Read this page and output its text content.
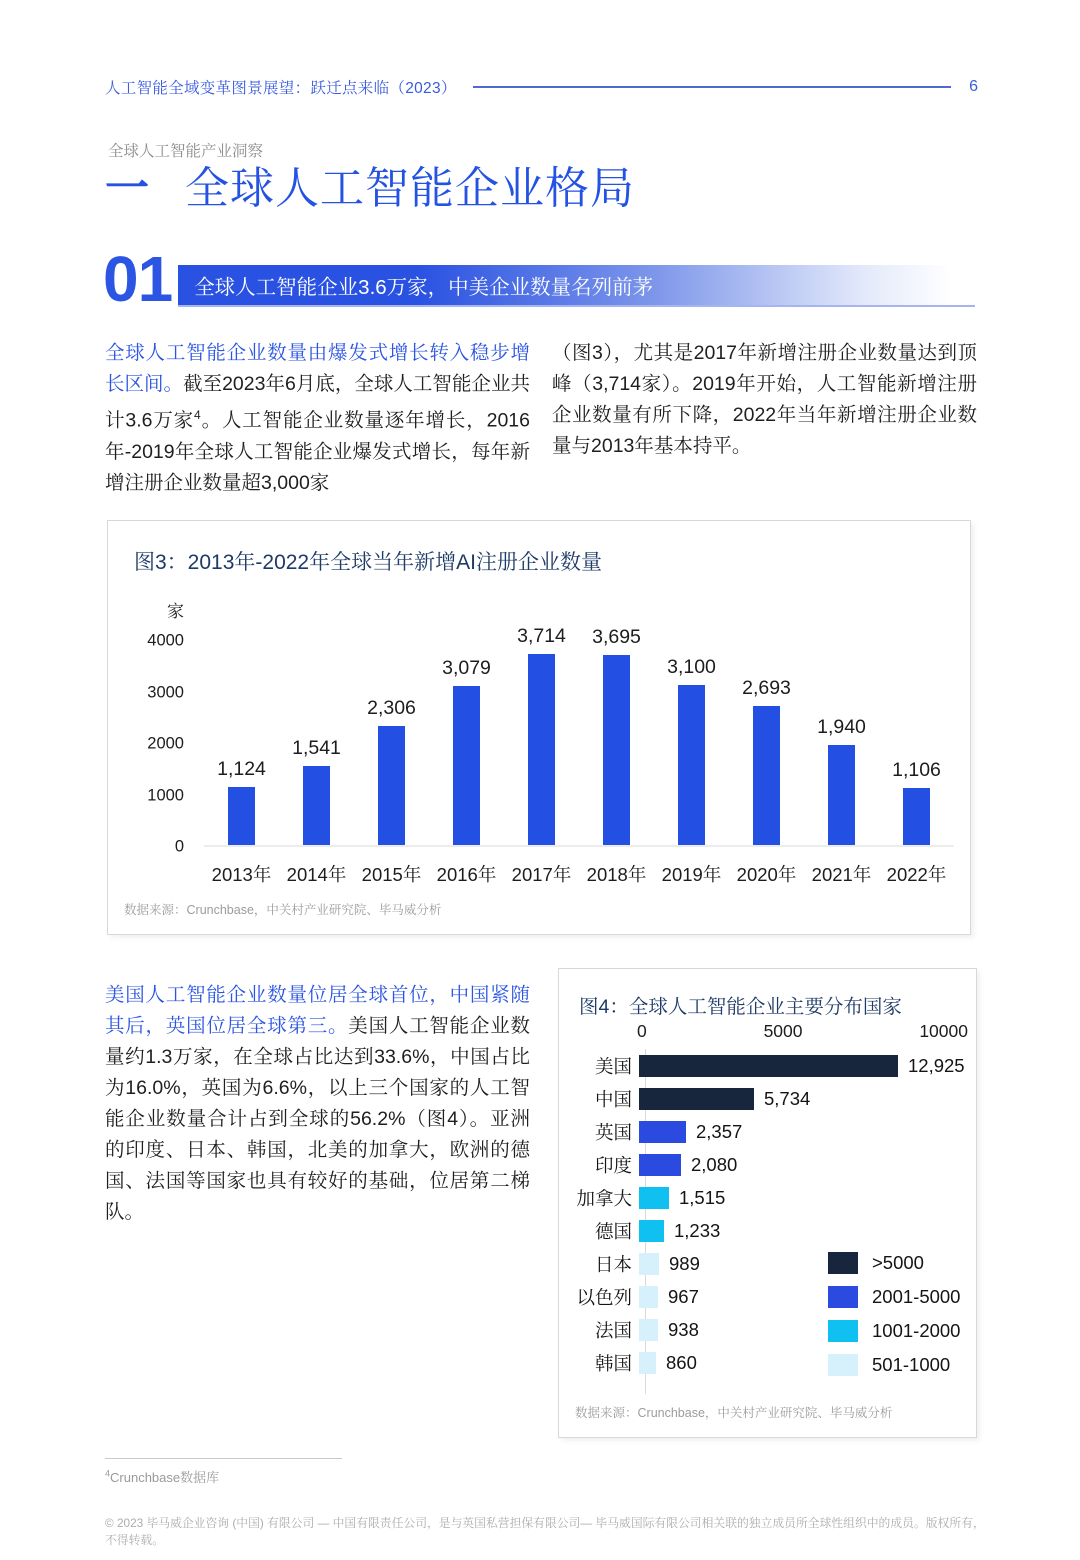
人工智能全域变革图景展望：跃迁点来临（2023）	6
全球人工智能产业洞察
一 全球人工智能企业格局
01	全球人工智能企业3.6万家，中美企业数量名列前茅

全球人工智能企业数量由爆发式增长转入稳步增长区间。截至2023年6月底，全球人工智能企业共计3.6万家$^4$。人工智能企业数量逐年增长，2016年-2019年全球人工智能企业爆发式增长，每年新增注册企业数量超3,000家

（图3），尤其是2017年新增注册企业数量达到顶峰（3,714家）。2019年开始，人工智能新增注册企业数量有所下降，2022年当年新增注册企业数量与2013年基本持平。

图3：2013年-2022年全球当年新增AI注册企业数量
家
4000
3000
2000
1000
0
1,124
1,541
2,306
3,079
3,714 3,695
3,100
2,693
1,940
1,106
2013年 2014年 2015年 2016年 2017年 2018年 2019年 2020年 2021年 2022年
数据来源：Crunchbase，中关村产业研究院、毕马威分析

美国人工智能企业数量位居全球首位，中国紧随其后，英国位居全球第三。美国人工智能企业数量约1.3万家，在全球占比达到33.6%，中国占比为16.0%，英国为6.6%，以上三个国家的人工智能企业数量合计占到全球的56.2%（图4）。亚洲的印度、日本、韩国，北美的加拿大，欧洲的德国、法国等国家也具有较好的基础，位居第二梯队。

图4：全球人工智能企业主要分布国家
0	5000	10000
美国	12,925
中国	5,734
英国	2,357
印度	2,080
加拿大	1,515
德国	1,233
日本	989
以色列	967
法国	938
韩国	860
>5000
2001-5000
1001-2000
501-1000
数据来源：Crunchbase，中关村产业研究院、毕马威分析
$^4$Crunchbase数据库
© 2023 毕马威企业咨询 (中国) 有限公司 — 中国有限责任公司，是与英国私营担保有限公司— 毕马威国际有限公司相关联的独立成员所全球性组织中的成员。版权所有，不得转载。
